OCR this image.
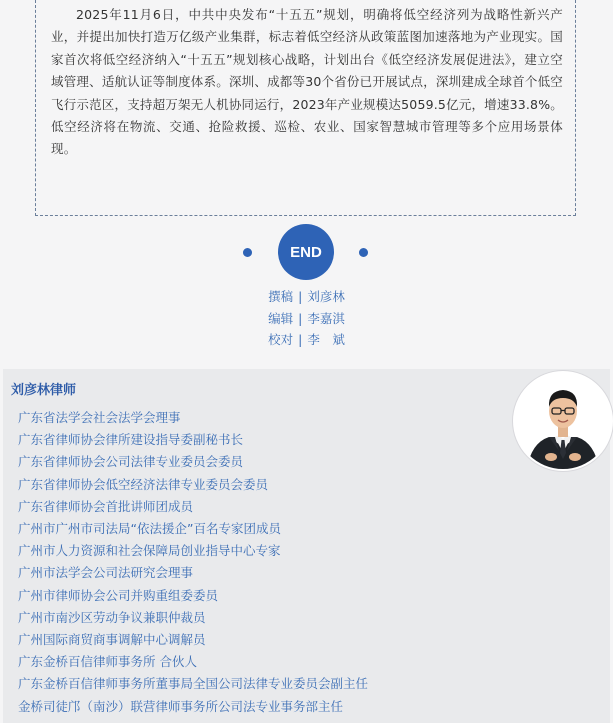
2025年11月6日，中共中央发布“十五五”规划，明确将低空经济列为战略性新兴产业，并提出加快打造万亿级产业集群，标志着低空经济从政策蓝图加速落地为产业现实。国家首次将低空经济纳入“十五五”规划核心战略，计划出台《低空经济发展促进法》，建立空域管理、适航认证等制度体系。深圳、成都等30个省份已开展试点，深圳建成全球首个低空飞行示范区，支持超万架无人机协同运行，2023年产业规模达5059.5亿元，增速33.8%。低空经济将在物流、交通、抢险救援、巡检、农业、国家智慧城市管理等多个应用场景体现。

END
撰稿 | 刘彦林
编辑 | 李嘉淇
校对 | 李　斌
刘彦林律师
广东省法学会社会法学会理事
广东省律师协会律所建设指导委副秘书长
广东省律师协会公司法律专业委员会委员
广东省律师协会低空经济法律专业委员会委员
广东省律师协会首批讲师团成员
广州市广州市司法局“依法援企”百名专家团成员
广州市人力资源和社会保障局创业指导中心专家
广州市法学会公司法研究会理事
广州市律师协会公司并购重组委委员
广州市南沙区劳动争议兼职仲裁员
广州国际商贸商事调解中心调解员
广东金桥百信律师事务所 合伙人
广东金桥百信律师事务所董事局全国公司法律专业委员会副主任
金桥司徒邝（南沙）联营律师事务所公司法专业事务部主任
